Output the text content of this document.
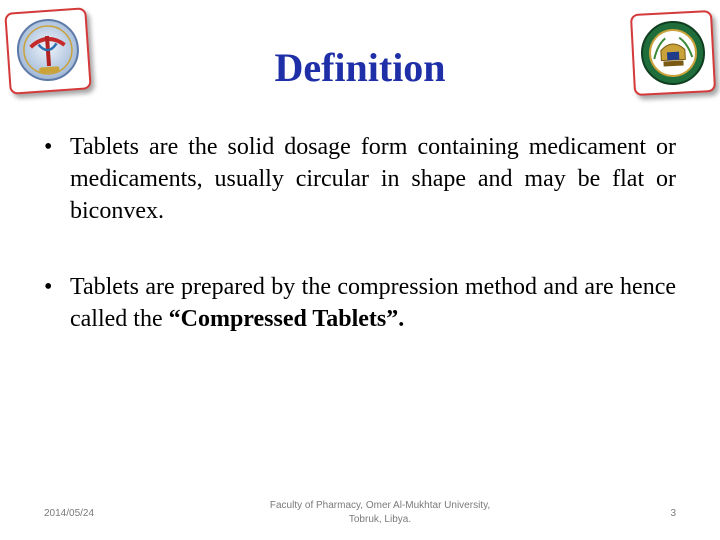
Definition
• Tablets are the solid dosage form containing medicament or medicaments, usually circular in shape and may be flat or biconvex.
• Tablets are prepared by the compression method and are hence called the “Compressed Tablets”.
2014/05/24
Faculty of Pharmacy, Omer Al-Mukhtar University,
Tobruk, Libya.
3
